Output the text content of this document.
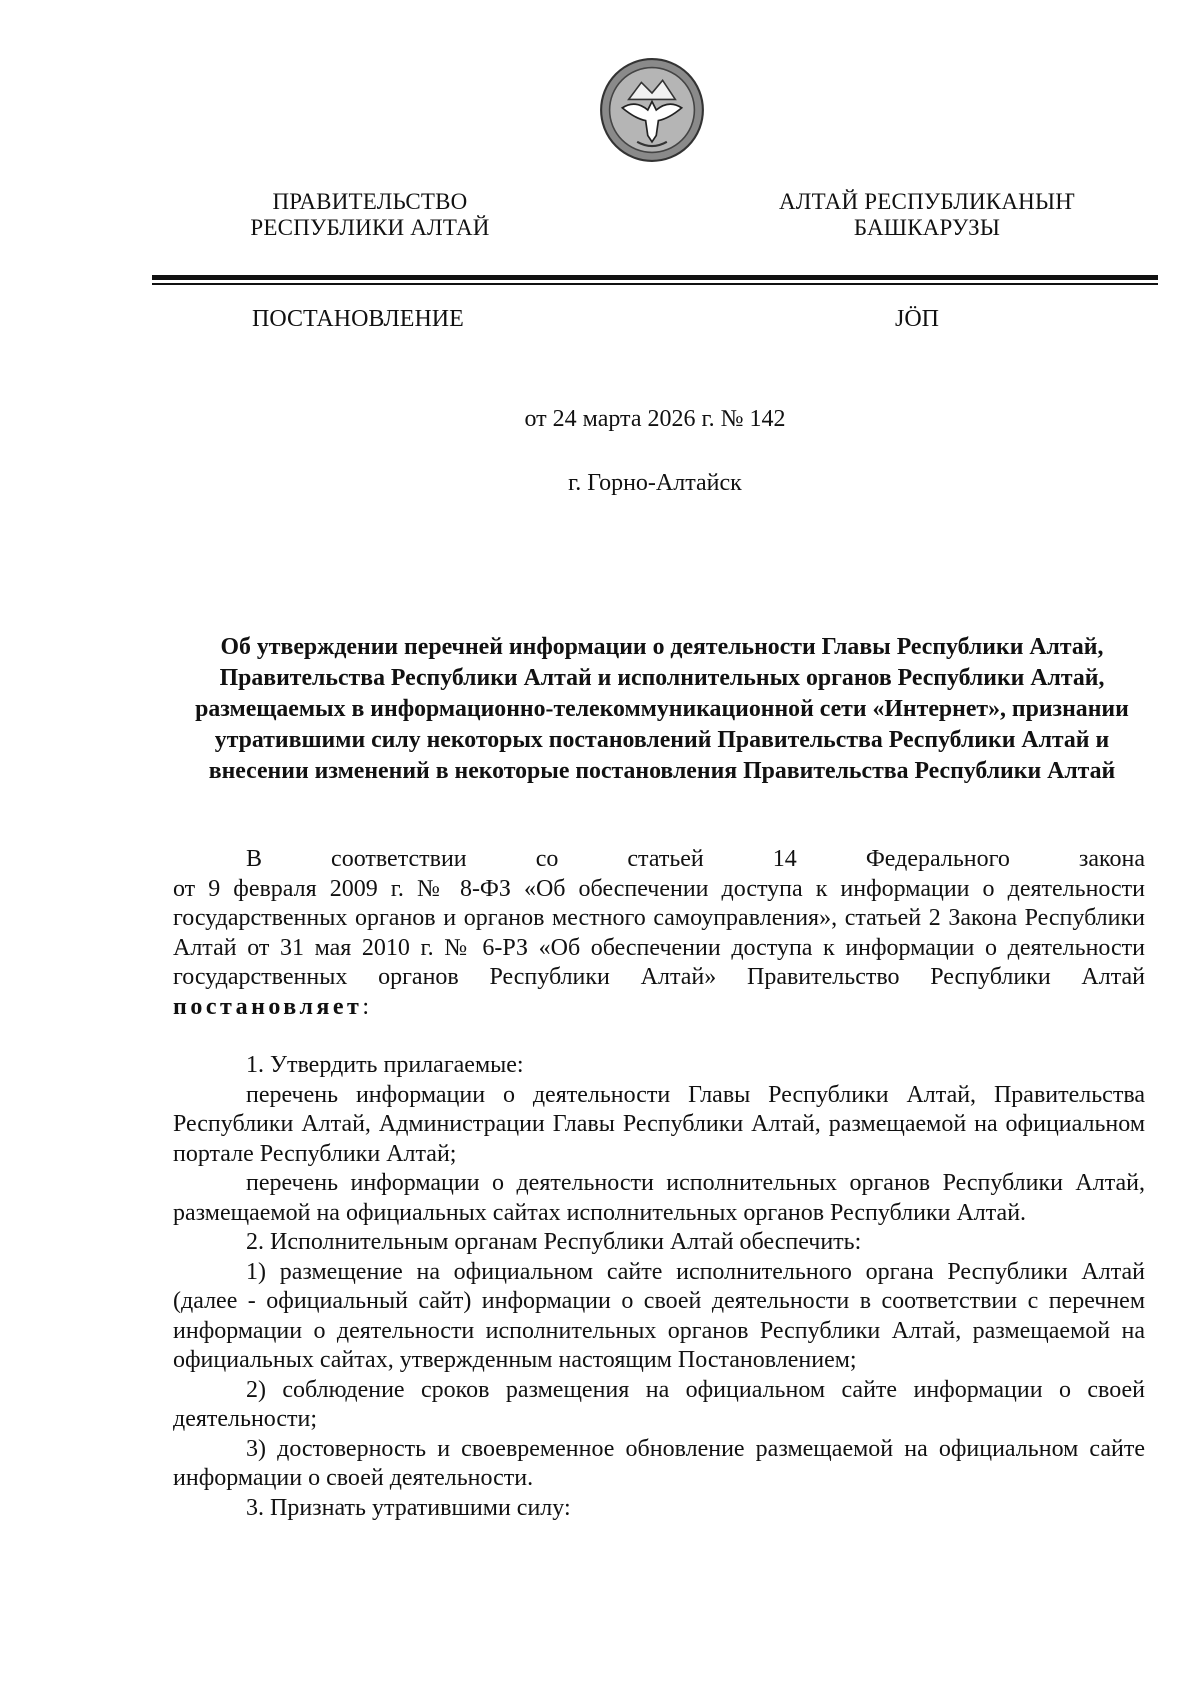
ПРАВИТЕЛЬСТВО
РЕСПУБЛИКИ АЛТАЙ
АЛТАЙ РЕСПУБЛИКАНЫҤ
БАШКАРУЗЫ
ПОСТАНОВЛЕНИЕ	JӦП
от 24 марта 2026 г. № 142
г. Горно-Алтайск
Об утверждении перечней информации о деятельности Главы Республики Алтай, Правительства Республики Алтай и исполнительных органов Республики Алтай, размещаемых в информационно-телекоммуникационной сети «Интернет», признании утратившими силу некоторых постановлений Правительства Республики Алтай и внесении изменений в некоторые постановления Правительства Республики Алтай

В соответствии со статьей 14 Федерального закона

от 9 февраля 2009 г. № 8-ФЗ «Об обеспечении доступа к информации о деятельности государственных органов и органов местного самоуправления», статьей 2 Закона Республики Алтай от 31 мая 2010 г. № 6-РЗ «Об обеспечении доступа к информации о деятельности государственных органов Республики Алтай» Правительство Республики Алтай постановляет:

1. Утвердить прилагаемые:

перечень информации о деятельности Главы Республики Алтай, Правительства Республики Алтай, Администрации Главы Республики Алтай, размещаемой на официальном портале Республики Алтай;

перечень информации о деятельности исполнительных органов Республики Алтай, размещаемой на официальных сайтах исполнительных органов Республики Алтай.

2. Исполнительным органам Республики Алтай обеспечить:

1) размещение на официальном сайте исполнительного органа Республики Алтай (далее - официальный сайт) информации о своей деятельности в соответствии с перечнем информации о деятельности исполнительных органов Республики Алтай, размещаемой на официальных сайтах, утвержденным настоящим Постановлением;

2) соблюдение сроков размещения на официальном сайте информации о своей деятельности;

3) достоверность и своевременное обновление размещаемой на официальном сайте информации о своей деятельности.

3. Признать утратившими силу:
